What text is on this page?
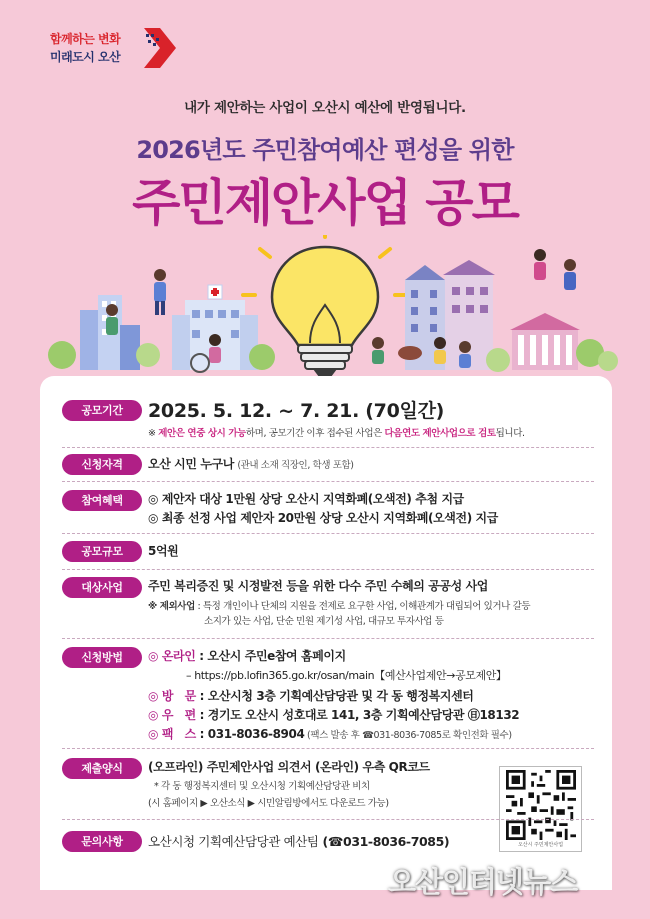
함께하는 변화
미래도시 오산
내가 제안하는 사업이 오산시 예산에 반영됩니다.
2026년도 주민참여예산 편성을 위한
주민제안사업 공모
공모기간	2025. 5. 12. ~ 7. 21. (70일간)
※ 제안은 연중 상시 가능하며, 공모기간 이후 접수된 사업은 다음연도 제안사업으로 검토됩니다.
신청자격	오산 시민 누구나 (관내 소재 직장인, 학생 포함)
참여혜택	◎ 제안자 대상 1만원 상당 오산시 지역화폐(오색전) 추첨 지급
◎ 최종 선정 사업 제안자 20만원 상당 오산시 지역화폐(오색전) 지급
공모규모	5억원
대상사업	주민 복리증진 및 시정발전 등을 위한 다수 주민 수혜의 공공성 사업
※ 제외사업 : 특정 개인이나 단체의 지원을 전제로 요구한 사업, 이해관계가 대립되어 있거나 갈등
소지가 있는 사업, 단순 민원 제기성 사업, 대규모 투자사업 등
신청방법	◎ 온라인 : 오산시 주민e참여 홈페이지
– https://pb.lofin365.go.kr/osan/main【예산사업제안→공모제안】
◎ 방　문 : 오산시청 3층 기획예산담당관 및 각 동 행정복지센터
◎ 우　편 : 경기도 오산시 성호대로 141, 3층 기획예산담당관 ㊐18132
◎ 팩　스 : 031-8036-8904 (팩스 발송 후 ☎031-8036-7085로 확인전화 필수)
제출양식	(오프라인) 주민제안사업 의견서 (온라인) 우측 QR코드
* 각 동 행정복지센터 및 오산시청 기획예산담당관 비치
(시 홈페이지 ▶ 오산소식 ▶ 시민알림방에서도 다운로드 가능)
오산시 주민제안사업
문의사항	오산시청 기획예산담당관 예산팀 (☎031-8036-7085)
오산인터넷뉴스
